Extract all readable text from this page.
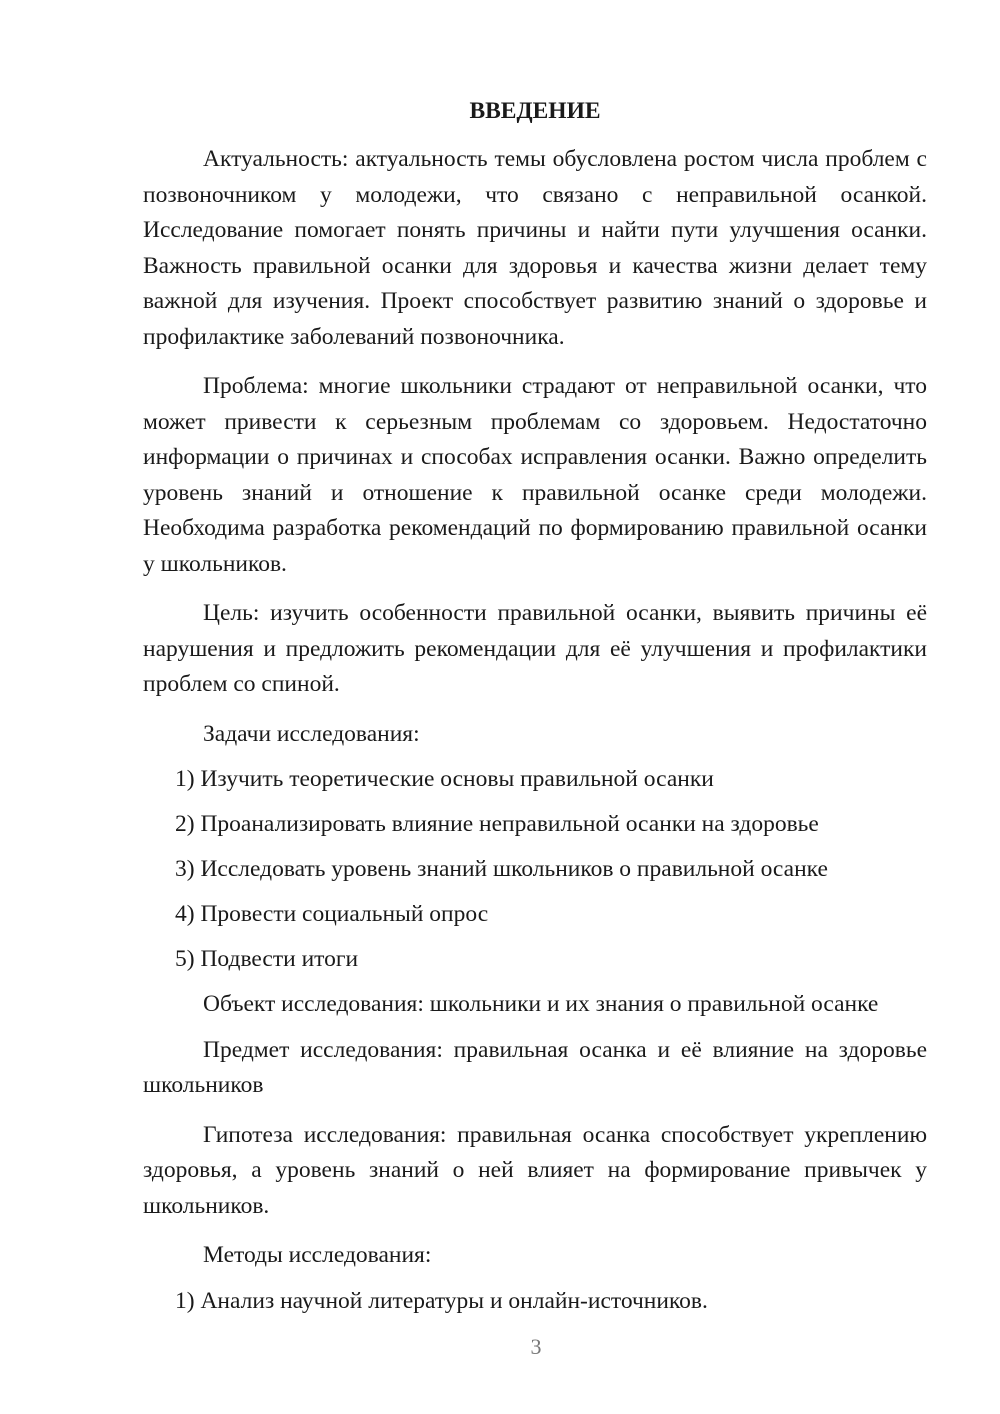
ВВЕДЕНИЕ

Актуальность: актуальность темы обусловлена ростом числа проблем с позвоночником у молодежи, что связано с неправильной осанкой. Исследование помогает понять причины и найти пути улучшения осанки. Важность правильной осанки для здоровья и качества жизни делает тему важной для изучения. Проект способствует развитию знаний о здоровье и профилактике заболеваний позвоночника.

Проблема: многие школьники страдают от неправильной осанки, что может привести к серьезным проблемам со здоровьем. Недостаточно информации о причинах и способах исправления осанки. Важно определить уровень знаний и отношение к правильной осанке среди молодежи. Необходима разработка рекомендаций по формированию правильной осанки у школьников.

Цель: изучить особенности правильной осанки, выявить причины её нарушения и предложить рекомендации для её улучшения и профилактики проблем со спиной.

Задачи исследования:

1) Изучить теоретические основы правильной осанки

2) Проанализировать влияние неправильной осанки на здоровье

3) Исследовать уровень знаний школьников о правильной осанке

4) Провести социальный опрос

5) Подвести итоги

Объект исследования: школьники и их знания о правильной осанке

Предмет исследования: правильная осанка и её влияние на здоровье школьников

Гипотеза исследования: правильная осанка способствует укреплению здоровья, а уровень знаний о ней влияет на формирование привычек у школьников.

Методы исследования:

1) Анализ научной литературы и онлайн-источников.

3
